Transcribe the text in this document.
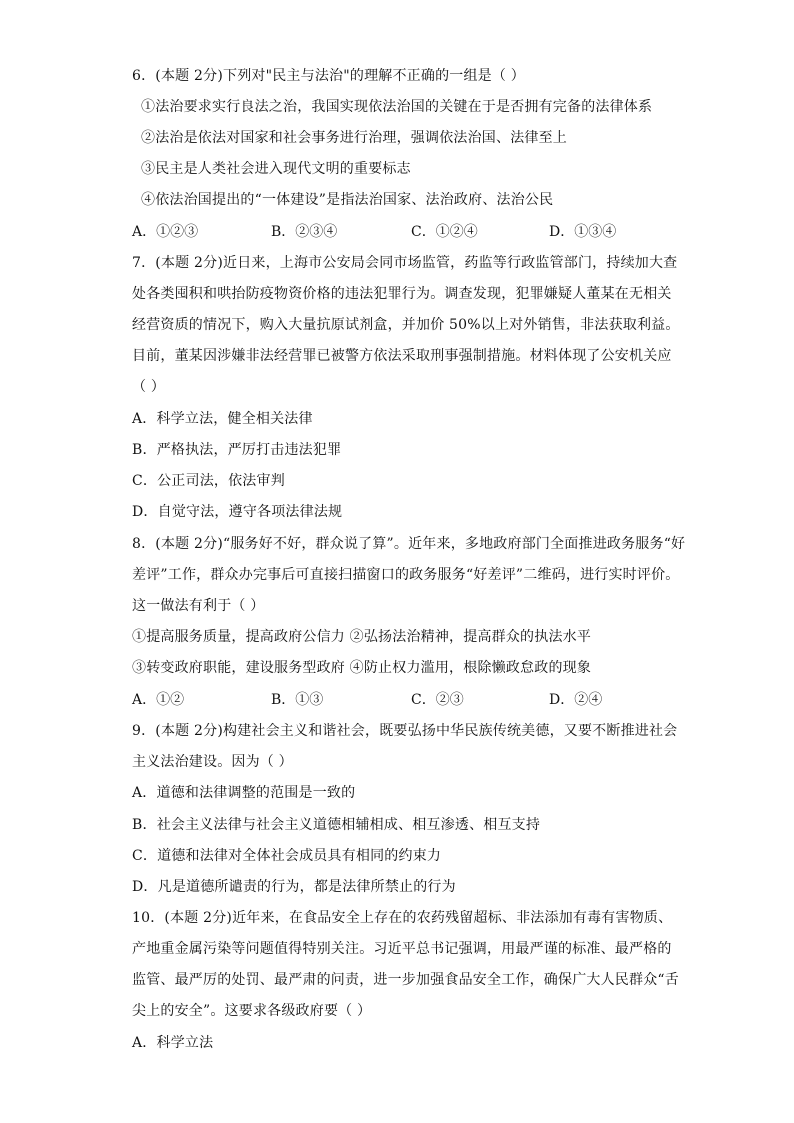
6．(本题 2分)下列对"民主与法治"的理解不正确的一组是（ ）
①法治要求实行良法之治，我国实现依法治国的关键在于是否拥有完备的法律体系
②法治是依法对国家和社会事务进行治理，强调依法治国、法律至上
③民主是人类社会进入现代文明的重要标志
④依法治国提出的“一体建设”是指法治国家、法治政府、法治公民
A．①②③	B．②③④	C．①②④	D．①③④
7．(本题 2分)近日来，上海市公安局会同市场监管，药监等行政监管部门，持续加大查
处各类囤积和哄抬防疫物资价格的违法犯罪行为。调查发现，犯罪嫌疑人董某在无相关
经营资质的情况下，购入大量抗原试剂盒，并加价 50%以上对外销售，非法获取利益。
目前，董某因涉嫌非法经营罪已被警方依法采取刑事强制措施。材料体现了公安机关应
（ ）
A．科学立法，健全相关法律
B．严格执法，严厉打击违法犯罪
C．公正司法，依法审判
D．自觉守法，遵守各项法律法规
8．(本题 2分)“服务好不好，群众说了算”。近年来，多地政府部门全面推进政务服务“好
差评”工作，群众办完事后可直接扫描窗口的政务服务“好差评”二维码，进行实时评价。
这一做法有利于（ ）
①提高服务质量，提高政府公信力 ②弘扬法治精神，提高群众的执法水平
③转变政府职能，建设服务型政府 ④防止权力滥用，根除懒政怠政的现象
A．①②	B．①③	C．②③	D．②④
9．(本题 2分)构建社会主义和谐社会，既要弘扬中华民族传统美德，又要不断推进社会
主义法治建设。因为（ ）
A．道德和法律调整的范围是一致的
B．社会主义法律与社会主义道德相辅相成、相互渗透、相互支持
C．道德和法律对全体社会成员具有相同的约束力
D．凡是道德所谴责的行为，都是法律所禁止的行为
10．(本题 2分)近年来，在食品安全上存在的农药残留超标、非法添加有毒有害物质、
产地重金属污染等问题值得特别关注。习近平总书记强调，用最严谨的标准、最严格的
监管、最严厉的处罚、最严肃的问责，进一步加强食品安全工作，确保广大人民群众“舌
尖上的安全”。这要求各级政府要（ ）
A．科学立法
